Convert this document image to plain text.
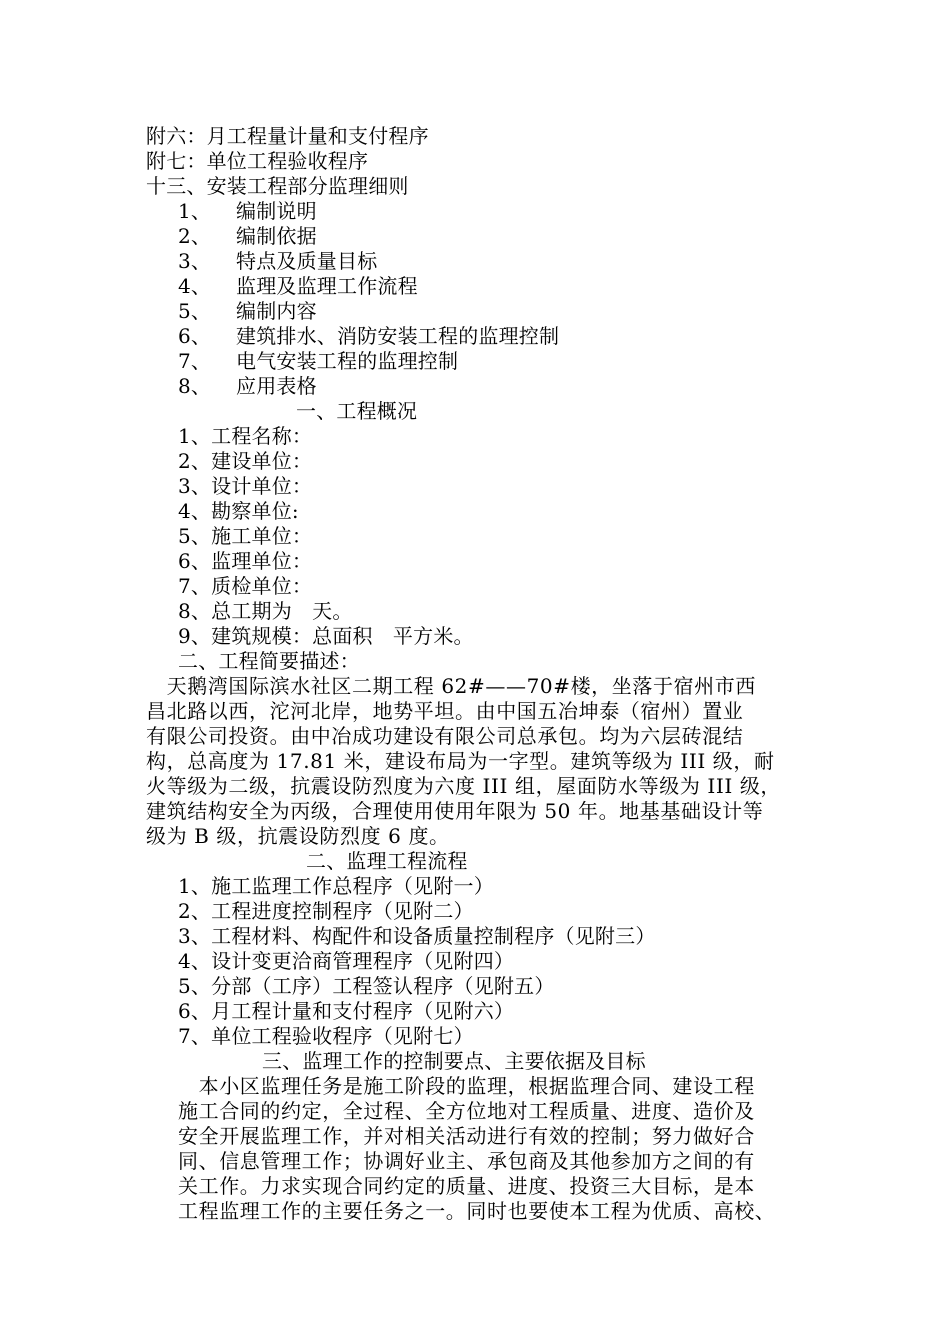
附六：月工程量计量和支付程序
附七：单位工程验收程序
十三、安装工程部分监理细则
1、 编制说明
2、 编制依据
3、 特点及质量目标
4、 监理及监理工作流程
5、 编制内容
6、 建筑排水、消防安装工程的监理控制
7、 电气安装工程的监理控制
8、 应用表格
一、工程概况
1、工程名称：
2、建设单位：
3、设计单位：
4、勘察单位:
5、施工单位：
6、监理单位：
7、质检单位：
8、总工期为　天。
9、建筑规模：总面积　平方米。
二、工程简要描述：
　天鹅湾国际滨水社区二期工程 62#——70#楼，坐落于宿州市西
昌北路以西，沱河北岸，地势平坦。由中国五冶坤泰（宿州）置业
有限公司投资。由中冶成功建设有限公司总承包。均为六层砖混结
构，总高度为 17.81 米，建设布局为一字型。建筑等级为 III 级，耐
火等级为二级，抗震设防烈度为六度 III 组，屋面防水等级为 III 级，
建筑结构安全为丙级，合理使用使用年限为 50 年。地基基础设计等
级为 B 级，抗震设防烈度 6 度。
二、监理工程流程
1、施工监理工作总程序（见附一）
2、工程进度控制程序（见附二）
3、工程材料、构配件和设备质量控制程序（见附三）
4、设计变更洽商管理程序（见附四）
5、分部（工序）工程签认程序（见附五）
6、月工程计量和支付程序（见附六）
7、单位工程验收程序（见附七）
三、监理工作的控制要点、主要依据及目标
　本小区监理任务是施工阶段的监理，根据监理合同、建设工程
施工合同的约定，全过程、全方位地对工程质量、进度、造价及
安全开展监理工作，并对相关活动进行有效的控制；努力做好合
同、信息管理工作；协调好业主、承包商及其他参加方之间的有
关工作。力求实现合同约定的质量、进度、投资三大目标，是本
工程监理工作的主要任务之一。同时也要使本工程为优质、高校、
